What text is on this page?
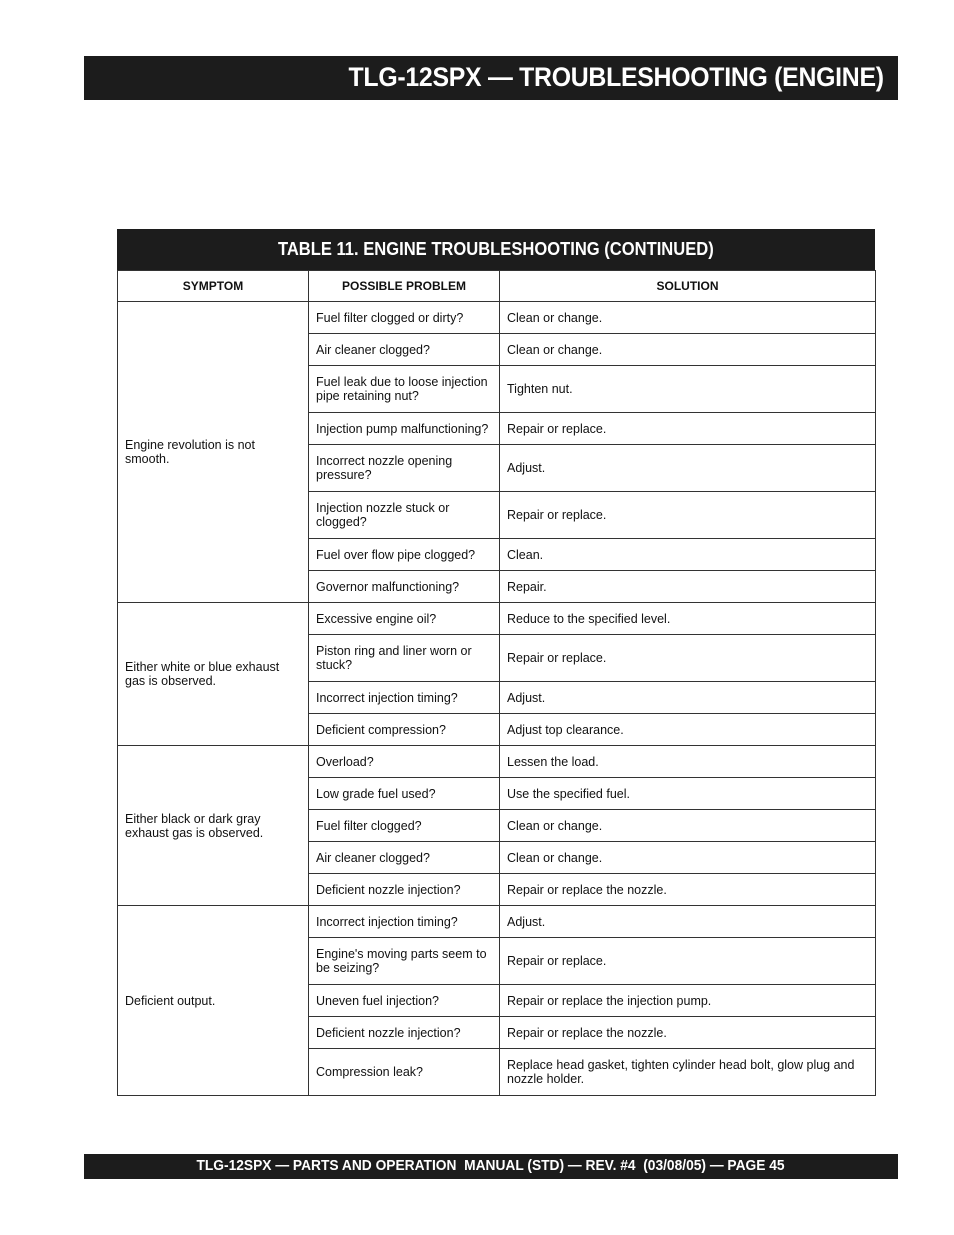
TLG-12SPX — TROUBLESHOOTING (ENGINE)
TABLE 11. ENGINE TROUBLESHOOTING (CONTINUED)
SYMPTOM	POSSIBLE PROBLEM	SOLUTION
Engine revolution is not smooth.	Fuel filter clogged or dirty?	Clean or change.
	Air cleaner clogged?	Clean or change.
	Fuel leak due to loose injection pipe retaining nut?	Tighten nut.
	Injection pump malfunctioning?	Repair or replace.
	Incorrect nozzle opening pressure?	Adjust.
	Injection nozzle stuck or clogged?	Repair or replace.
	Fuel over flow pipe clogged?	Clean.
	Governor malfunctioning?	Repair.
Either white or blue exhaust gas is observed.	Excessive engine oil?	Reduce to the specified level.
	Piston ring and liner worn or stuck?	Repair or replace.
	Incorrect injection timing?	Adjust.
	Deficient compression?	Adjust top clearance.
Either black or dark gray exhaust gas is observed.	Overload?	Lessen the load.
	Low grade fuel used?	Use the specified fuel.
	Fuel filter clogged?	Clean or change.
	Air cleaner clogged?	Clean or change.
	Deficient nozzle injection?	Repair or replace the nozzle.
Deficient output.	Incorrect injection timing?	Adjust.
	Engine's moving parts seem to be seizing?	Repair or replace.
	Uneven fuel injection?	Repair or replace the injection pump.
	Deficient nozzle injection?	Repair or replace the nozzle.
	Compression leak?	Replace head gasket, tighten cylinder head bolt, glow plug and nozzle holder.
TLG-12SPX — PARTS AND OPERATION  MANUAL (STD) — REV. #4  (03/08/05) — PAGE 45
